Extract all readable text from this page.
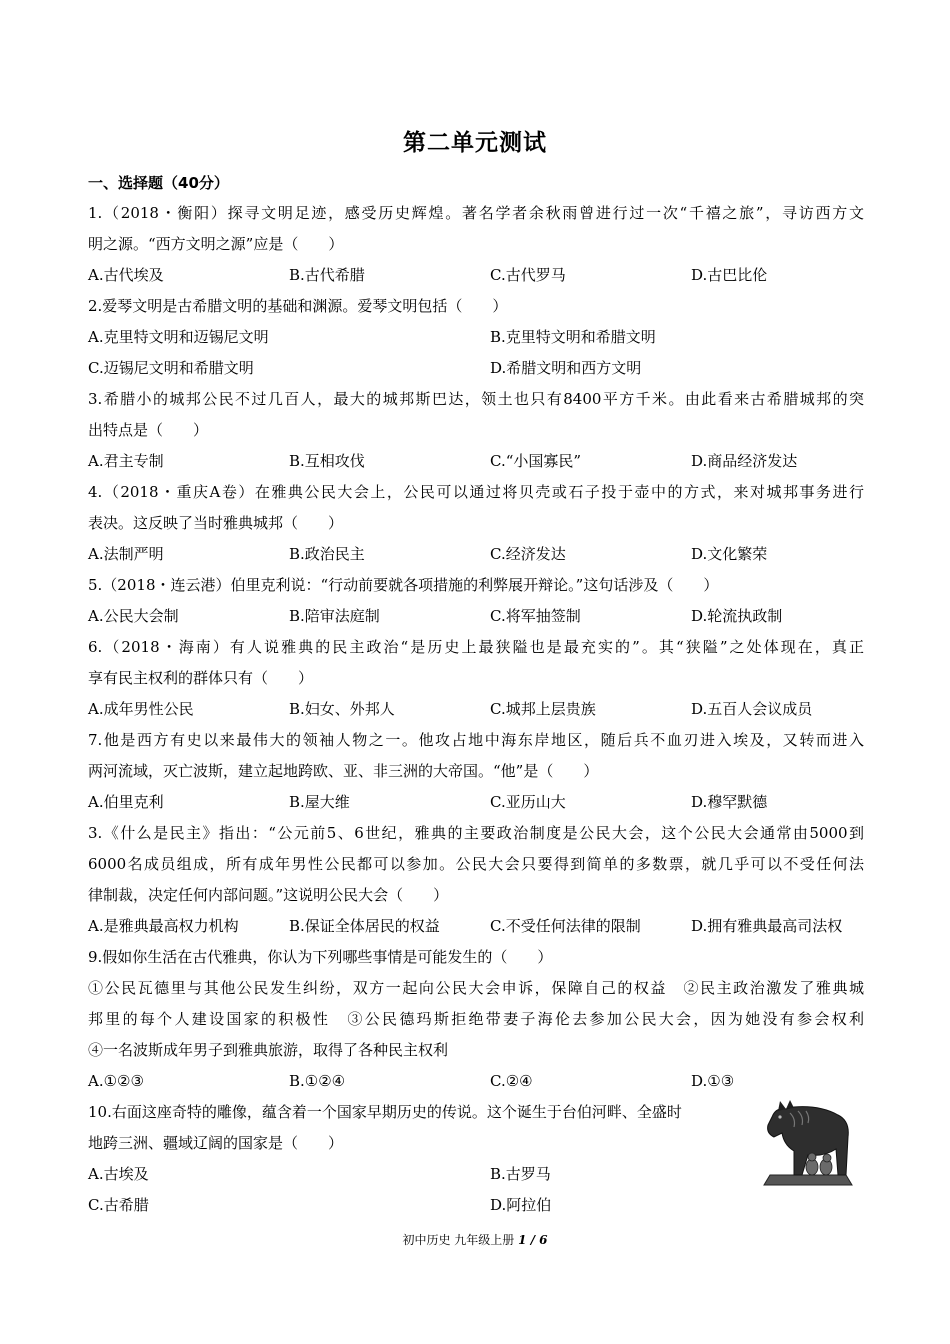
第二单元测试
一、选择题（40分）
1.（2018・衡阳）探寻文明足迹，感受历史辉煌。著名学者余秋雨曾进行过一次“千禧之旅”，寻访西方文
明之源。“西方文明之源”应是（　　）
A.古代埃及	B.古代希腊	C.古代罗马	D.古巴比伦
2.爱琴文明是古希腊文明的基础和渊源。爱琴文明包括（　　）
A.克里特文明和迈锡尼文明	B.克里特文明和希腊文明
C.迈锡尼文明和希腊文明	D.希腊文明和西方文明
3.希腊小的城邦公民不过几百人，最大的城邦斯巴达，领土也只有8400平方千米。由此看来古希腊城邦的突
出特点是（　　）
A.君主专制	B.互相攻伐	C.“小国寡民”	D.商品经济发达
4.（2018・重庆A卷）在雅典公民大会上，公民可以通过将贝壳或石子投于壶中的方式，来对城邦事务进行
表决。这反映了当时雅典城邦（　　）
A.法制严明	B.政治民主	C.经济发达	D.文化繁荣
5.（2018・连云港）伯里克利说：“行动前要就各项措施的利弊展开辩论。”这句话涉及（　　）
A.公民大会制	B.陪审法庭制	C.将军抽签制	D.轮流执政制
6.（2018・海南）有人说雅典的民主政治“是历史上最狭隘也是最充实的”。其“狭隘”之处体现在，真正
享有民主权利的群体只有（　　）
A.成年男性公民	B.妇女、外邦人	C.城邦上层贵族	D.五百人会议成员
7.他是西方有史以来最伟大的领袖人物之一。他攻占地中海东岸地区，随后兵不血刃进入埃及，又转而进入
两河流域，灭亡波斯，建立起地跨欧、亚、非三洲的大帝国。“他”是（　　）
A.伯里克利	B.屋大维	C.亚历山大	D.穆罕默德
3.《什么是民主》指出：“公元前5、6世纪，雅典的主要政治制度是公民大会，这个公民大会通常由5000到
6000名成员组成，所有成年男性公民都可以参加。公民大会只要得到简单的多数票，就几乎可以不受任何法
律制裁，决定任何内部问题。”这说明公民大会（　　）
A.是雅典最高权力机构	B.保证全体居民的权益	C.不受任何法律的限制	D.拥有雅典最高司法权
9.假如你生活在古代雅典，你认为下列哪些事情是可能发生的（　　）
①公民瓦德里与其他公民发生纠纷，双方一起向公民大会申诉，保障自己的权益　②民主政治激发了雅典城
邦里的每个人建设国家的积极性　③公民德玛斯拒绝带妻子海伦去参加公民大会，因为她没有参会权利
④一名波斯成年男子到雅典旅游，取得了各种民主权利
A.①②③	B.①②④	C.②④	D.①③
10.右面这座奇特的雕像，蕴含着一个国家早期历史的传说。这个诞生于台伯河畔、全盛时
地跨三洲、疆域辽阔的国家是（　　）
A.古埃及	B.古罗马
C.古希腊	D.阿拉伯
初中历史 九年级上册 1 / 6
